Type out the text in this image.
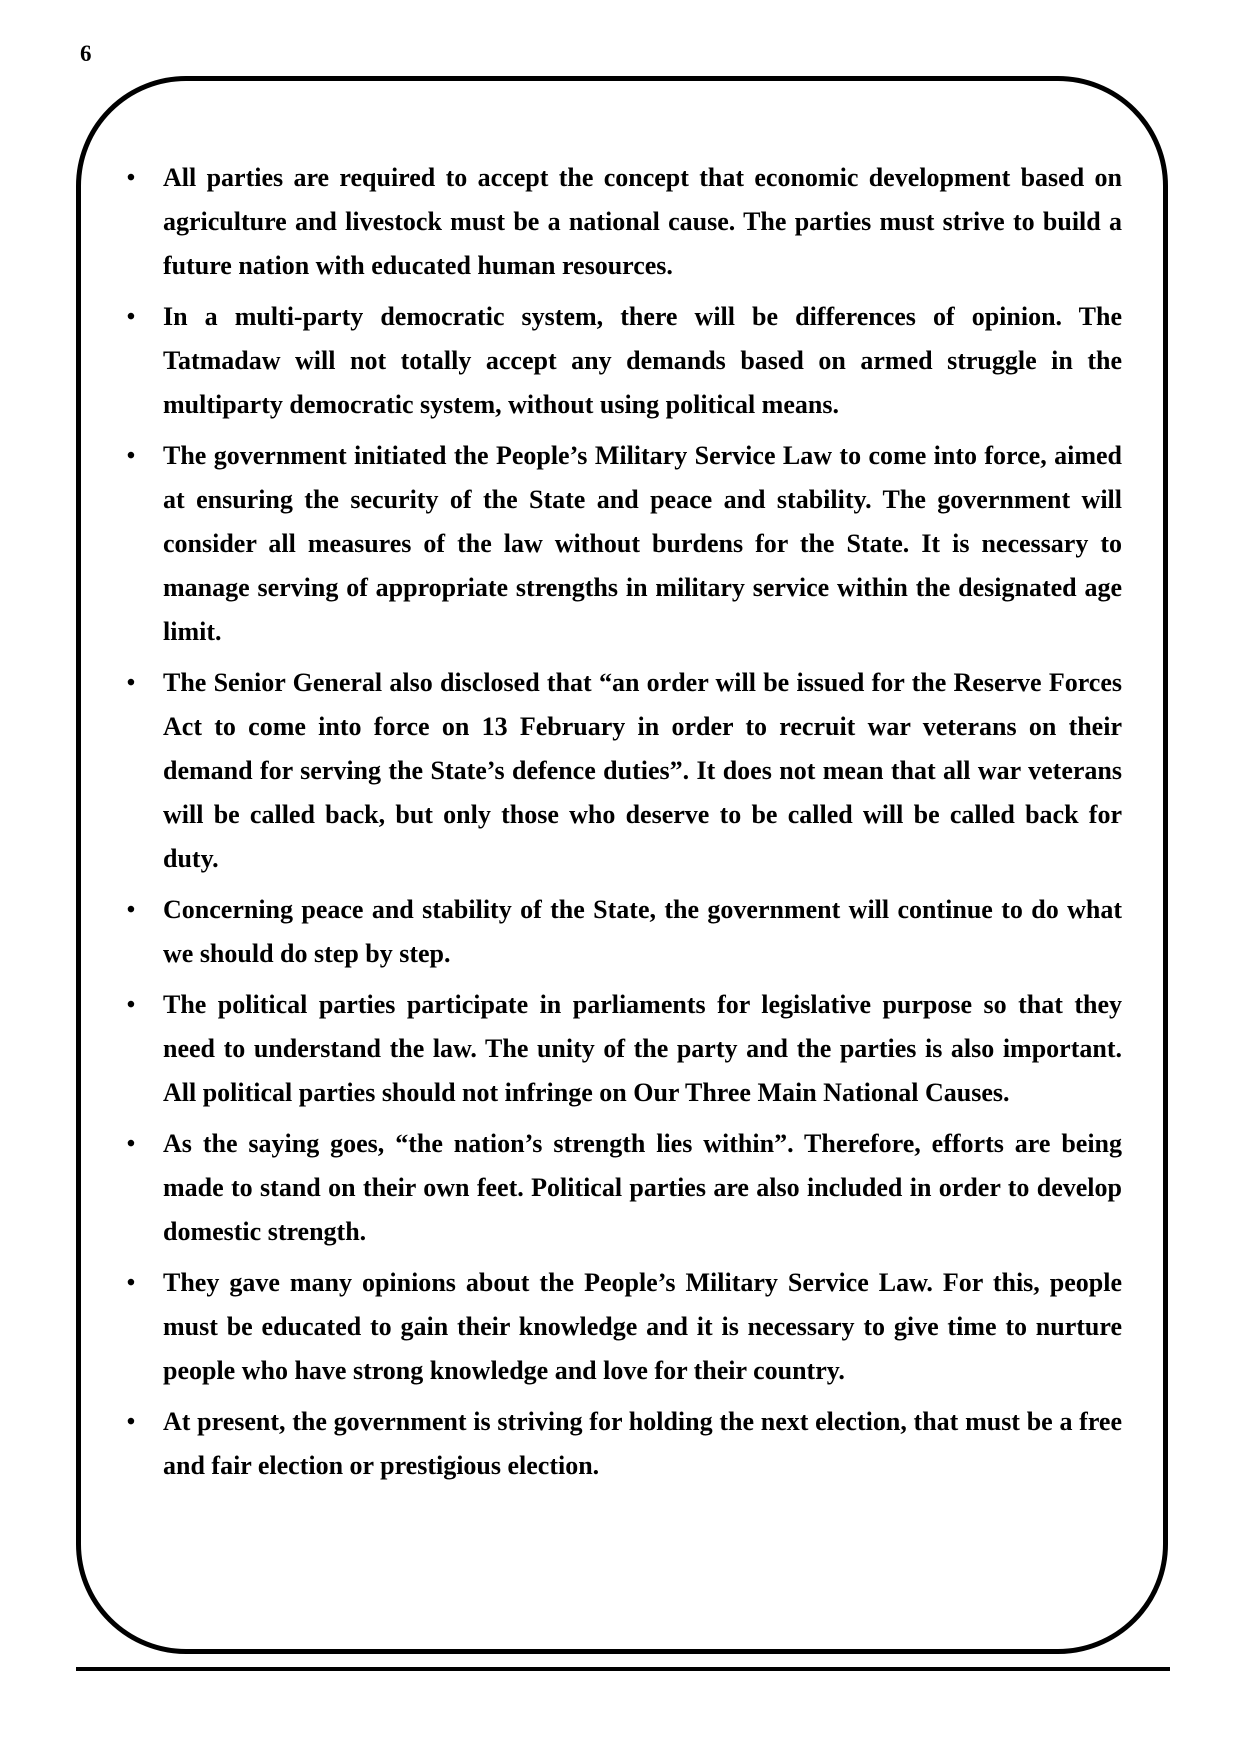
6
• All parties are required to accept the concept that economic development based on agriculture and livestock must be a national cause. The parties must strive to build a future nation with educated human resources.
• In a multi-party democratic system, there will be differences of opinion. The Tatmadaw will not totally accept any demands based on armed struggle in the multiparty democratic system, without using political means.
• The government initiated the People’s Military Service Law to come into force, aimed at ensuring the security of the State and peace and stability. The government will consider all measures of the law without burdens for the State. It is necessary to manage serving of appropriate strengths in military service within the designated age limit.
• The Senior General also disclosed that “an order will be issued for the Reserve Forces Act to come into force on 13 February in order to recruit war veterans on their demand for serving the State’s defence duties”. It does not mean that all war veterans will be called back, but only those who deserve to be called will be called back for duty.
• Concerning peace and stability of the State, the government will continue to do what we should do step by step.
• The political parties participate in parliaments for legislative purpose so that they need to understand the law. The unity of the party and the parties is also important. All political parties should not infringe on Our Three Main National Causes.
• As the saying goes, “the nation’s strength lies within”. Therefore, efforts are being made to stand on their own feet. Political parties are also included in order to develop domestic strength.
• They gave many opinions about the People’s Military Service Law. For this, people must be educated to gain their knowledge and it is necessary to give time to nurture people who have strong knowledge and love for their country.
• At present, the government is striving for holding the next election, that must be a free and fair election or prestigious election.
